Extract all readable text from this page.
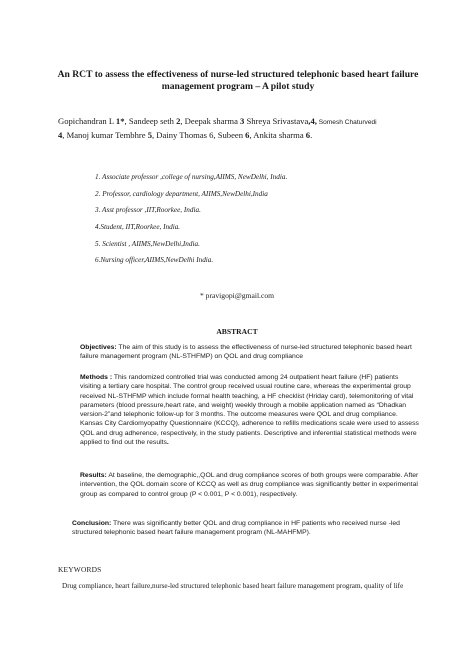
An RCT to assess the effectiveness of nurse-led structured telephonic based heart failure management program – A pilot study
Gopichandran L 1*, Sandeep seth 2, Deepak sharma 3 Shreya Srivastava,4, Somesh Chaturvedi
4, Manoj kumar Tembhre 5, Dainy Thomas 6, Subeen 6, Ankita sharma 6.
1. Associate professor ,college of nursing,AIIMS, NewDelhi, India.
2. Professor, cardiology department, AIIMS,NewDelhi,India
3. Asst professor ,IIT,Roorkee, India.
4.Student, IIT,Roorkee, India.
5. Scientist , AIIMS,NewDelhi,India.
6.Nursing officer,AIIMS,NewDelhi India.
* pravigopi@gmail.com
ABSTRACT
Objectives: The aim of this study is to assess the effectiveness of nurse-led structured telephonic based heart failure management program (NL-STHFMP) on QOL and drug compliance
Methods : This randomized controlled trial was conducted among 24 outpatient heart failure (HF) patients visiting a tertiary care hospital. The control group received usual routine care, whereas the experimental group received NL-STHFMP which include formal health teaching, a HF checklist (Hriday card), telemonitoring of vital parameters (blood pressure,heart rate, and weight) weekly through a mobile application named as “Dhadkan version-2”and telephonic follow-up for 3 months. The outcome measures were QOL and drug compliance. Kansas City Cardiomyopathy Questionnaire (KCCQ), adherence to refills medications scale were used to assess QOL and drug adherence, respectively, in the study patients. Descriptive and inferential statistical methods were applied to find out the results.
Results: At baseline, the demographic,,QOL and drug compliance scores of both groups were comparable. After intervention, the QOL domain score of KCCQ as well as drug compliance was significantly better in experimental group as compared to control group (P < 0.001, P < 0.001), respectively.
Conclusion: There was significantly better QOL and drug compliance in HF patients who received nurse -led structured telephonic based heart failure management program (NL-MAHFMP).
KEYWORDS
Drug compliance, heart failure,nurse-led structured telephonic based heart failure management program, quality of life
